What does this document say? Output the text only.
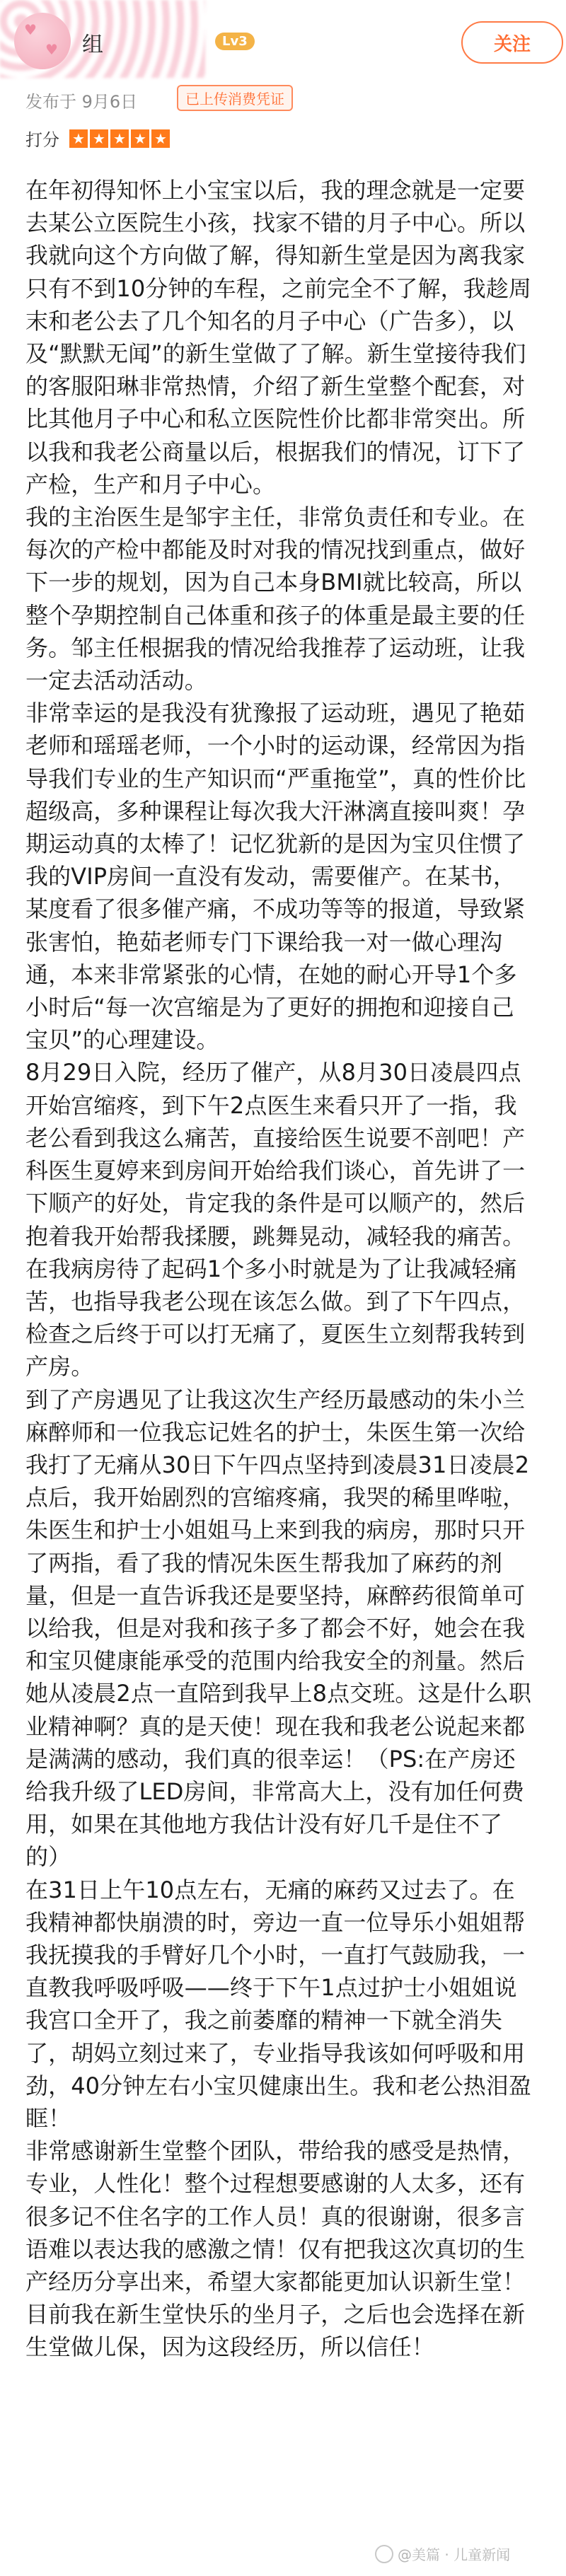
♥
♥ 组	Lv3	关注
发布于 9月6日	已上传消费凭证
打分 ★ ★ ★ ★ ★

在年初得知怀上小宝宝以后，我的理念就是一定要去某公立医院生小孩，找家不错的月子中心。所以我就向这个方向做了解，得知新生堂是因为离我家只有不到10分钟的车程，之前完全不了解，我趁周末和老公去了几个知名的月子中心（广告多），以及“默默无闻”的新生堂做了了解。新生堂接待我们的客服阳琳非常热情，介绍了新生堂整个配套，对比其他月子中心和私立医院性价比都非常突出。所以我和我老公商量以后，根据我们的情况，订下了产检，生产和月子中心。

我的主治医生是邹宇主任，非常负责任和专业。在每次的产检中都能及时对我的情况找到重点，做好下一步的规划，因为自己本身BMI就比较高，所以整个孕期控制自己体重和孩子的体重是最主要的任务。邹主任根据我的情况给我推荐了运动班，让我一定去活动活动。

非常幸运的是我没有犹豫报了运动班，遇见了艳茹老师和瑶瑶老师，一个小时的运动课，经常因为指导我们专业的生产知识而“严重拖堂”，真的性价比超级高，多种课程让每次我大汗淋漓直接叫爽！孕期运动真的太棒了！记忆犹新的是因为宝贝住惯了我的VIP房间一直没有发动，需要催产。在某书，某度看了很多催产痛，不成功等等的报道，导致紧张害怕，艳茹老师专门下课给我一对一做心理沟通，本来非常紧张的心情，在她的耐心开导1个多小时后“每一次宫缩是为了更好的拥抱和迎接自己宝贝”的心理建设。

8月29日入院，经历了催产，从8月30日凌晨四点开始宫缩疼，到下午2点医生来看只开了一指，我老公看到我这么痛苦，直接给医生说要不剖吧！产科医生夏婷来到房间开始给我们谈心，首先讲了一下顺产的好处，肯定我的条件是可以顺产的，然后抱着我开始帮我揉腰，跳舞晃动，减轻我的痛苦。在我病房待了起码1个多小时就是为了让我减轻痛苦，也指导我老公现在该怎么做。到了下午四点，检查之后终于可以打无痛了，夏医生立刻帮我转到产房。

到了产房遇见了让我这次生产经历最感动的朱小兰麻醉师和一位我忘记姓名的护士，朱医生第一次给我打了无痛从30日下午四点坚持到凌晨31日凌晨2点后，我开始剧烈的宫缩疼痛，我哭的稀里哗啦，朱医生和护士小姐姐马上来到我的病房，那时只开了两指，看了我的情况朱医生帮我加了麻药的剂量，但是一直告诉我还是要坚持，麻醉药很简单可以给我，但是对我和孩子多了都会不好，她会在我和宝贝健康能承受的范围内给我安全的剂量。然后她从凌晨2点一直陪到我早上8点交班。这是什么职业精神啊？真的是天使！现在我和我老公说起来都是满满的感动，我们真的很幸运！（PS:在产房还给我升级了LED房间，非常高大上，没有加任何费用，如果在其他地方我估计没有好几千是住不了的）

在31日上午10点左右，无痛的麻药又过去了。在我精神都快崩溃的时，旁边一直一位导乐小姐姐帮我抚摸我的手臂好几个小时，一直打气鼓励我，一直教我呼吸呼吸——终于下午1点过护士小姐姐说我宫口全开了，我之前萎靡的精神一下就全消失了，胡妈立刻过来了，专业指导我该如何呼吸和用劲，40分钟左右小宝贝健康出生。我和老公热泪盈眶！

非常感谢新生堂整个团队，带给我的感受是热情，专业，人性化！整个过程想要感谢的人太多，还有很多记不住名字的工作人员！真的很谢谢，很多言语难以表达我的感激之情！仅有把我这次真切的生产经历分享出来，希望大家都能更加认识新生堂！

目前我在新生堂快乐的坐月子，之后也会选择在新生堂做儿保，因为这段经历，所以信任！

@美篇 · 儿童新闻
